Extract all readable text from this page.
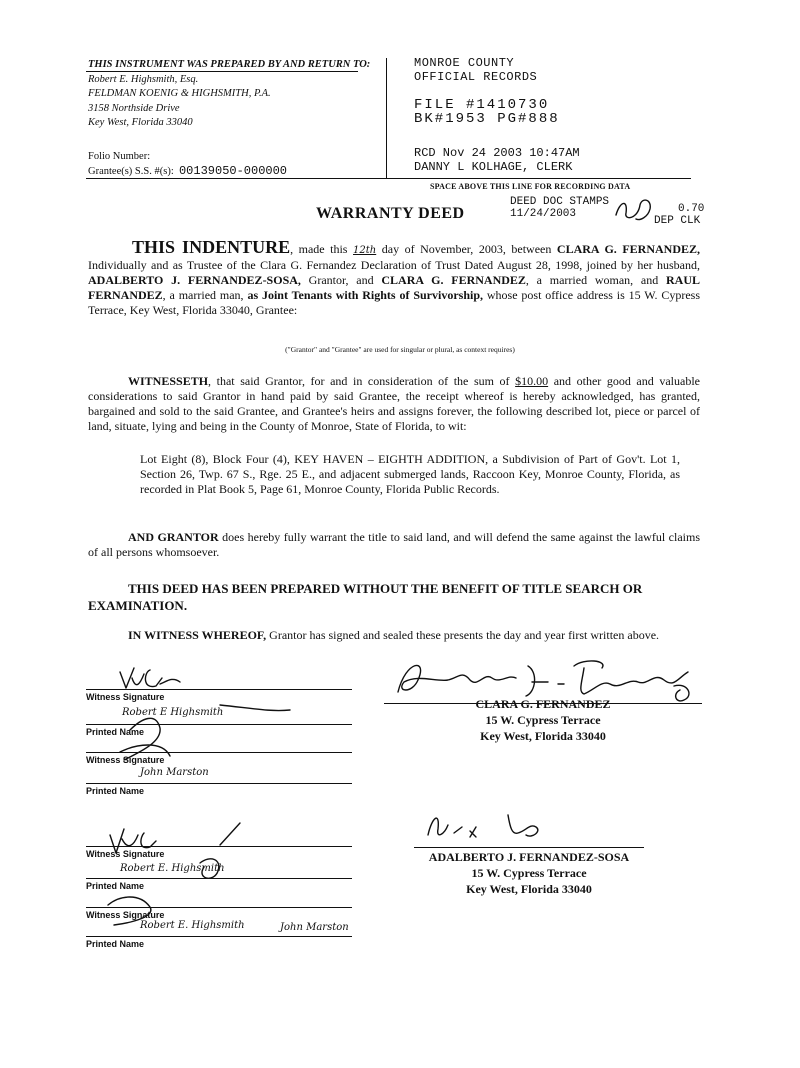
THIS INSTRUMENT WAS PREPARED BY AND RETURN TO:
Robert E. Highsmith, Esq.
FELDMAN KOENIG & HIGHSMITH, P.A.
3158 Northside Drive
Key West, Florida 33040
Folio Number:
Grantee(s) S.S. #(s): 00139050-000000
MONROE COUNTY
OFFICIAL RECORDS
FILE #1410730
BK#1953 PG#888
RCD Nov 24 2003 10:47AM
DANNY L KOLHAGE, CLERK
SPACE ABOVE THIS LINE FOR RECORDING DATA
WARRANTY DEED
DEED DOC STAMPS
11/24/2003	0.70
DEP CLK
THIS INDENTURE, made this 12th day of November, 2003, between CLARA G. FERNANDEZ, Individually and as Trustee of the Clara G. Fernandez Declaration of Trust Dated August 28, 1998, joined by her husband, ADALBERTO J. FERNANDEZ-SOSA, Grantor, and CLARA G. FERNANDEZ, a married woman, and RAUL FERNANDEZ, a married man, as Joint Tenants with Rights of Survivorship, whose post office address is 15 W. Cypress Terrace, Key West, Florida 33040, Grantee:
("Grantor" and "Grantee" are used for singular or plural, as context requires)
WITNESSETH, that said Grantor, for and in consideration of the sum of $10.00 and other good and valuable considerations to said Grantor in hand paid by said Grantee, the receipt whereof is hereby acknowledged, has granted, bargained and sold to the said Grantee, and Grantee's heirs and assigns forever, the following described lot, piece or parcel of land, situate, lying and being in the County of Monroe, State of Florida, to wit:
Lot Eight (8), Block Four (4), KEY HAVEN – EIGHTH ADDITION, a Subdivision of Part of Gov't. Lot 1, Section 26, Twp. 67 S., Rge. 25 E., and adjacent submerged lands, Raccoon Key, Monroe County, Florida, as recorded in Plat Book 5, Page 61, Monroe County, Florida Public Records.
AND GRANTOR does hereby fully warrant the title to said land, and will defend the same against the lawful claims of all persons whomsoever.
THIS DEED HAS BEEN PREPARED WITHOUT THE BENEFIT OF TITLE SEARCH OR EXAMINATION.
IN WITNESS WHEREOF, Grantor has signed and sealed these presents the day and year first written above.
Witness Signature
Printed Name
Witness Signature
Printed Name
Robert E Highsmith
John Marston
CLARA G. FERNANDEZ
15 W. Cypress Terrace
Key West, Florida 33040
Witness Signature
Printed Name
Witness Signature
Printed Name
Robert E. Highsmith
Robert E. Highsmith	John Marston
ADALBERTO J. FERNANDEZ-SOSA
15 W. Cypress Terrace
Key West, Florida 33040
